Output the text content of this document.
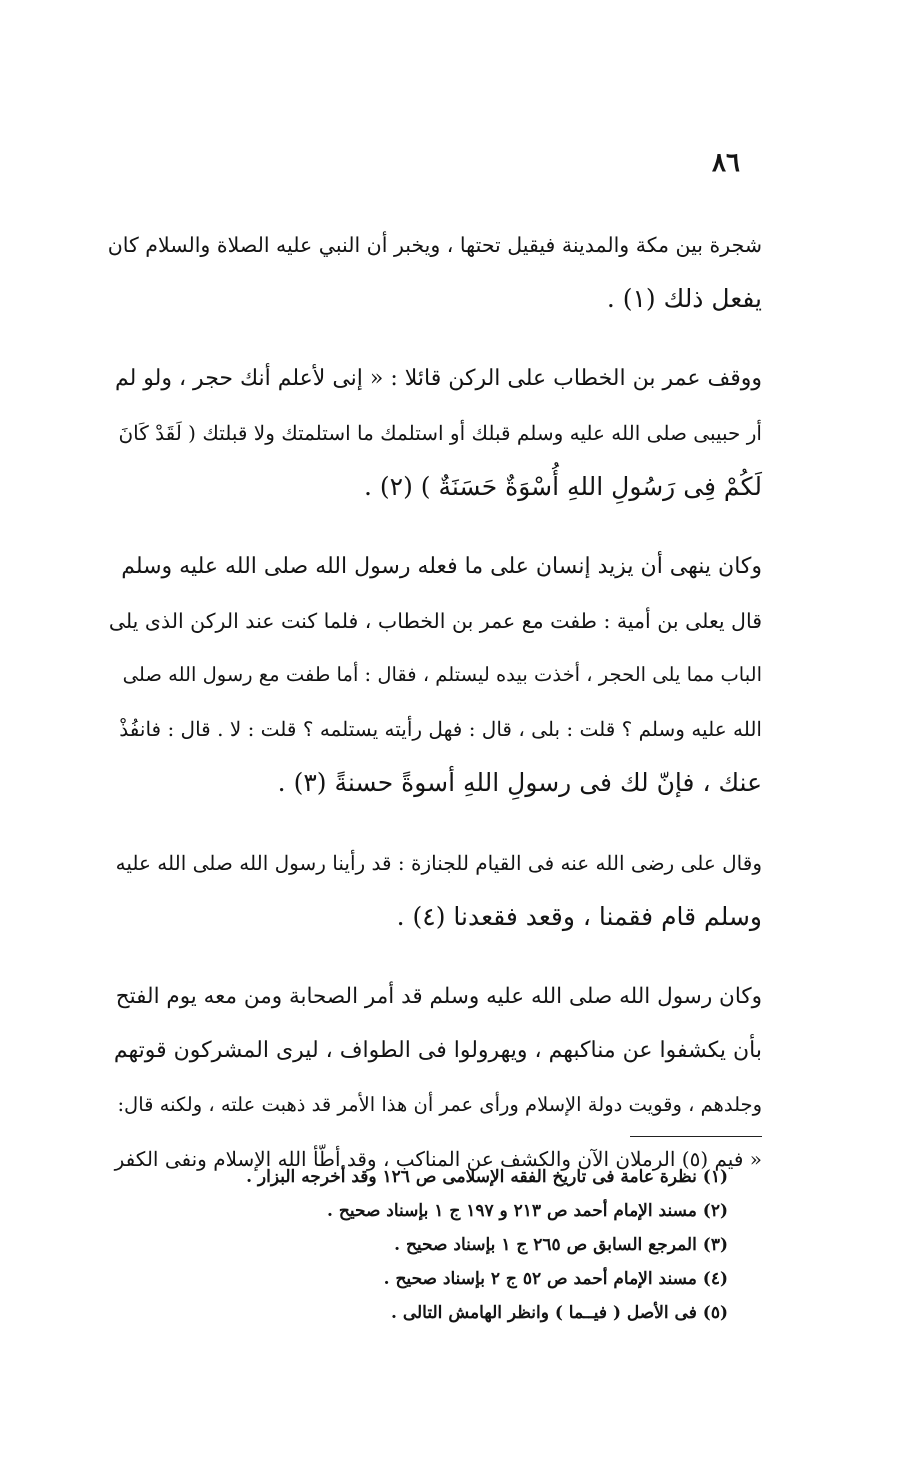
٨٦

شجرة بين مكة والمدينة فيقيل تحتها ، ويخبر أن النبي عليه الصلاة والسلام كان
يفعل ذلك (١) .

ووقف عمر بن الخطاب على الركن قائلا : « إنى لأعلم أنك حجر ، ولو لم
أر حبيبى صلى الله عليه وسلم قبلك أو استلمك ما استلمتك ولا قبلتك ( لَقَدْ كَانَ
لَكُمْ فِى رَسُولِ اللهِ أُسْوَةٌ حَسَنَةٌ ) (٢) .

وكان ينهى أن يزيد إنسان على ما فعله رسول الله صلى الله عليه وسلم
قال يعلى بن أمية : طفت مع عمر بن الخطاب ، فلما كنت عند الركن الذى يلى
الباب مما يلى الحجر ، أخذت بيده ليستلم ، فقال : أما طفت مع رسول الله صلى
الله عليه وسلم ؟ قلت : بلى ، قال : فهل رأيته يستلمه ؟ قلت : لا . قال : فانفُذْ
عنك ، فإنّ لك فى رسولِ اللهِ أسوةً حسنةً (٣) .

وقال على رضى الله عنه فى القيام للجنازة : قد رأينا رسول الله صلى الله عليه
وسلم قام فقمنا ، وقعد فقعدنا (٤) .

وكان رسول الله صلى الله عليه وسلم قد أمر الصحابة ومن معه يوم الفتح
بأن يكشفوا عن مناكبهم ، ويهرولوا فى الطواف ، ليرى المشركون قوتهم
وجلدهم ، وقويت دولة الإسلام ورأى عمر أن هذا الأمر قد ذهبت علته ، ولكنه قال:
« فيم (٥) الرملان الآن والكشف عن المناكب ، وقد أطّأ الله الإسلام ونفى الكفر

(١) نظرة عامة فى تاريخ الفقه الإسلامى ص ١٢٦ وقد أخرجه البزار .
(٢) مسند الإمام أحمد ص ٢١٣ و ١٩٧ ج ١ بإسناد صحيح .
(٣) المرجع السابق ص ٢٦٥ ج ١ بإسناد صحيح .
(٤) مسند الإمام أحمد ص ٥٢ ج ٢ بإسناد صحيح .
(٥) فى الأصل ( فيــما ) وانظر الهامش التالى .
